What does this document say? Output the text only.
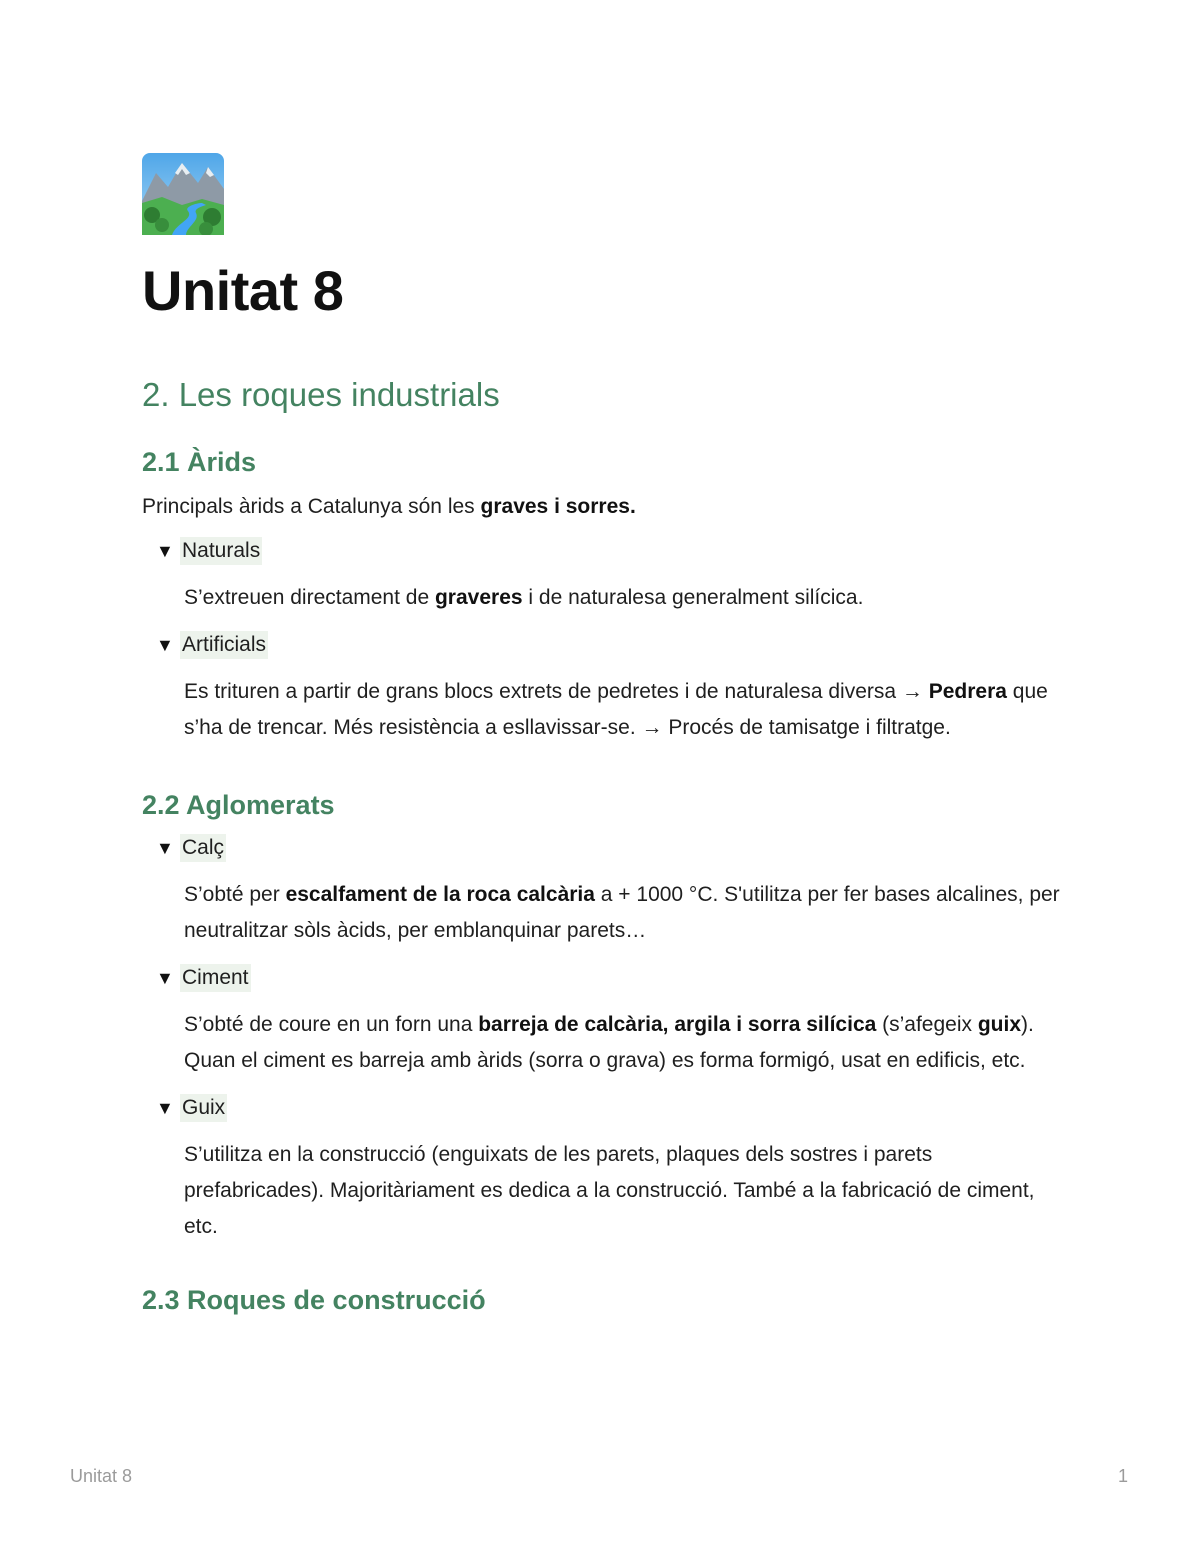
Unitat 8
2. Les roques industrials
2.1 Àrids

Principals àrids a Catalunya són les graves i sorres.

▼ Naturals
S’extreuen directament de graveres i de naturalesa generalment silícica.
▼ Artificials
Es trituren a partir de grans blocs extrets de pedretes i de naturalesa diversa → Pedrera que s’ha de trencar. Més resistència a esllavissar-se. → Procés de tamisatge i filtratge.
2.2 Aglomerats
▼ Calç
S’obté per escalfament de la roca calcària a + 1000 °C. S'utilitza per fer bases alcalines, per neutralitzar sòls àcids, per emblanquinar parets…
▼ Ciment
S’obté de coure en un forn una barreja de calcària, argila i sorra silícica (s’afegeix guix). Quan el ciment es barreja amb àrids (sorra o grava) es forma formigó, usat en edificis, etc.
▼ Guix
S’utilitza en la construcció (enguixats de les parets, plaques dels sostres i parets prefabricades). Majoritàriament es dedica a la construcció. També a la fabricació de ciment, etc.
2.3 Roques de construcció
Unitat 8	1
